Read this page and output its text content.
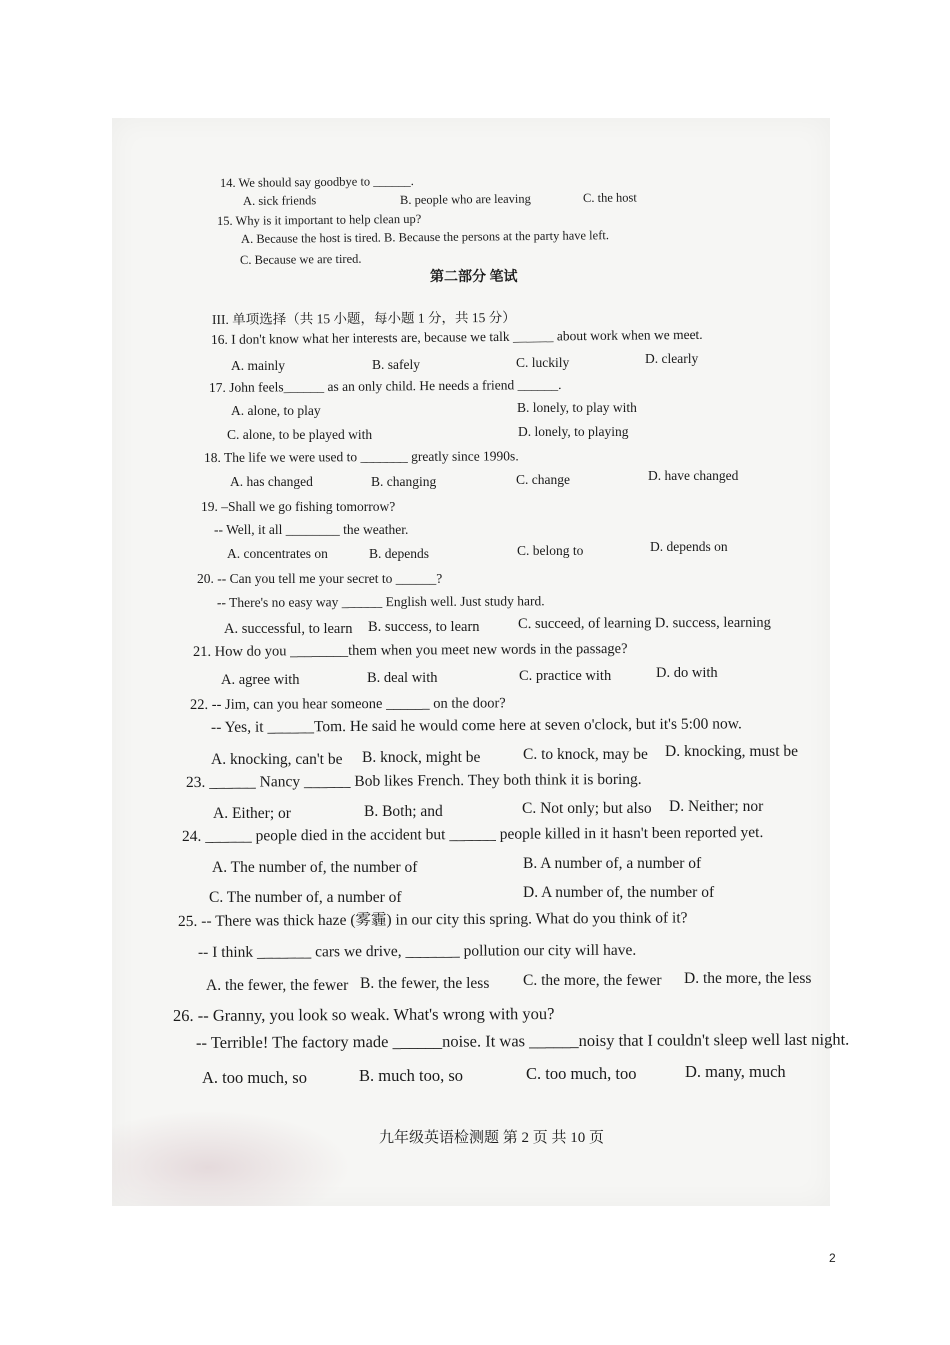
14. We should say goodbye to ______.
A. sick friends	B. people who are leaving	C. the host
15. Why is it important to help clean up?
A. Because the host is tired. B. Because the persons at the party have left.
C. Because we are tired.
第二部分 笔试
III. 单项选择（共 15 小题，每小题 1 分，共 15 分）
16. I don't know what her interests are, because we talk ______ about work when we meet.
A. mainly	B. safely	C. luckily	D. clearly
17. John feels______ as an only child. He needs a friend ______.
A. alone, to play	B. lonely, to play with
C. alone, to be played with	D. lonely, to playing
18. The life we were used to _______ greatly since 1990s.
A. has changed	B. changing	C. change	D. have changed
19. –Shall we go fishing tomorrow?
-- Well, it all ________ the weather.
A. concentrates on	B. depends	C. belong to	D. depends on
20. -- Can you tell me your secret to ______?
-- There's no easy way ______ English well. Just study hard.
A. successful, to learn B. success, to learn	C. succeed, of learning D. success, learning
21. How do you ________them when you meet new words in the passage?
A. agree with	B. deal with	C. practice with	D. do with
22. -- Jim, can you hear someone ______ on the door?
-- Yes, it ______Tom. He said he would come here at seven o'clock, but it's 5:00 now.
A. knocking, can't be B. knock, might be	C. to knock, may be D. knocking, must be
23. ______ Nancy ______ Bob likes French. They both think it is boring.
A. Either; or	B. Both; and	C. Not only; but also D. Neither; nor
24. ______ people died in the accident but ______ people killed in it hasn't been reported yet.
A. The number of, the number of	B. A number of, a number of
C. The number of, a number of	D. A number of, the number of
25. -- There was thick haze (雾霾) in our city this spring. What do you think of it?
-- I think _______ cars we drive, _______ pollution our city will have.
A. the fewer, the fewer B. the fewer, the less C. the more, the fewer D. the more, the less
26. -- Granny, you look so weak. What's wrong with you?
-- Terrible! The factory made ______noise. It was ______noisy that I couldn't sleep well last night.
A. too much, so	B. much too, so	C. too much, too	D. many, much
九年级英语检测题 第 2 页 共 10 页
2
